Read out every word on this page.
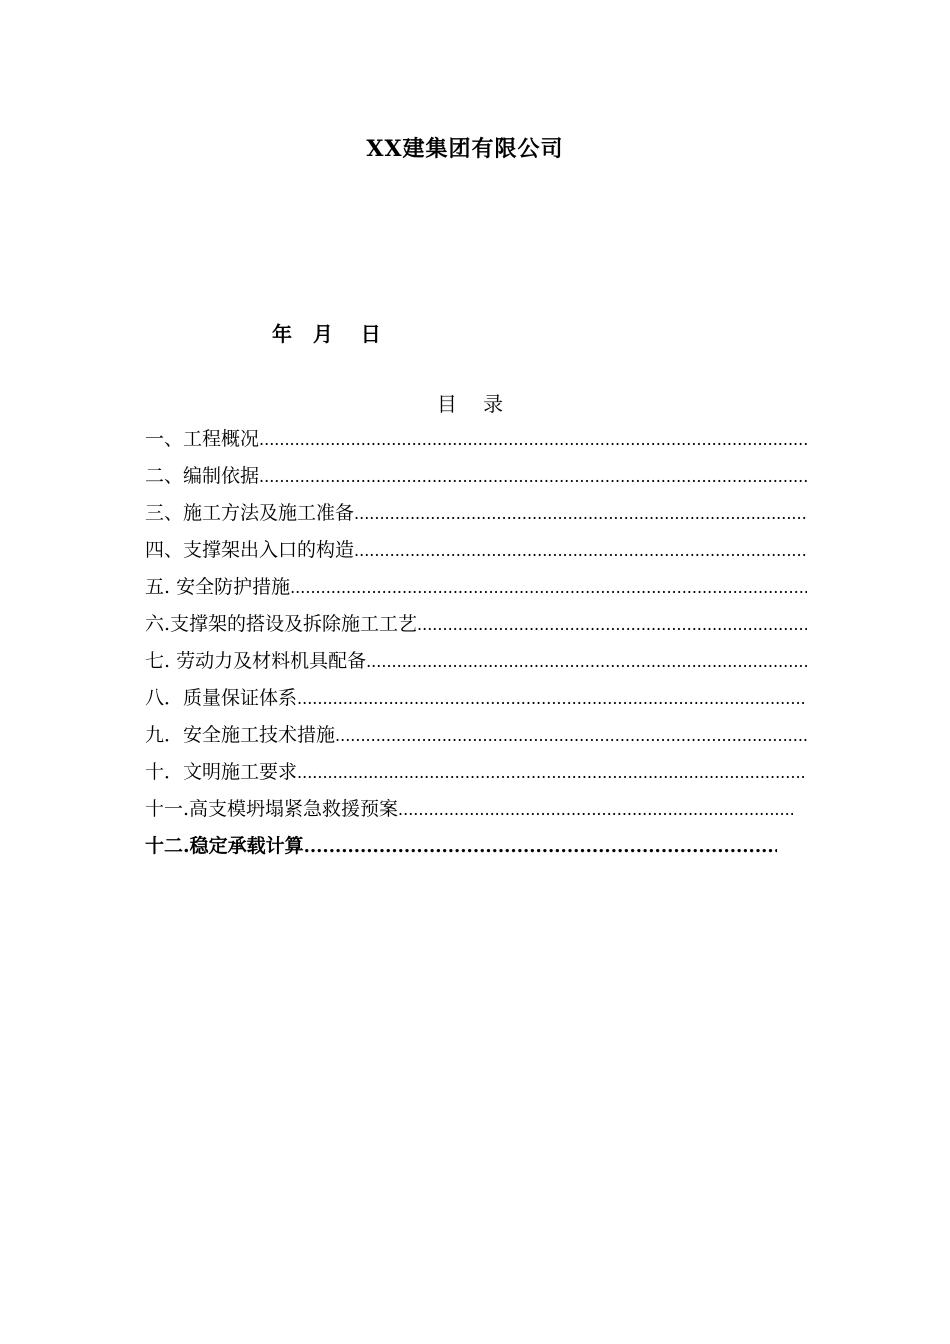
XX建集团有限公司
年   月    日
目 录
一、工程概况
.....
二、编制依据
.....
三、施工方法及施工准备
.....
四、支撑架出入口的构造
.....
五. 安全防护措施
.....
六.支撑架的搭设及拆除施工工艺
.....
七. 劳动力及材料机具配备
.....
八．质量保证体系
.....
九．安全施工技术措施
.....
十．文明施工要求
.....
十一.高支模坍塌紧急救援预案
.....
十二.稳定承载计算
.....
